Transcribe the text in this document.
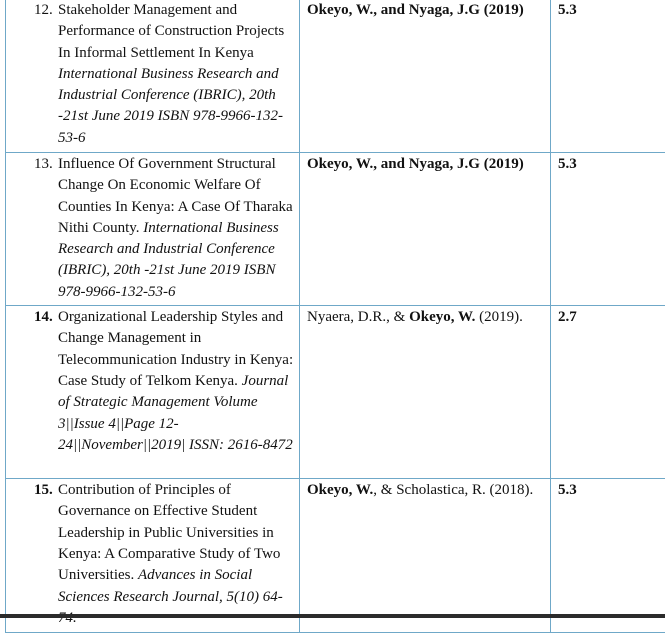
12. Stakeholder Management and Performance of Construction Projects In Informal Settlement In Kenya International Business Research and Industrial Conference (IBRIC), 20th -21st June 2019 ISBN 978-9966-132-53-6	Okeyo, W., and Nyaga, J.G (2019)	5.3

13. Influence Of Government Structural Change On Economic Welfare Of Counties In Kenya: A Case Of Tharaka Nithi County. International Business Research and Industrial Conference (IBRIC), 20th -21st June 2019 ISBN 978-9966-132-53-6	Okeyo, W., and Nyaga, J.G (2019)	5.3

14. Organizational Leadership Styles and Change Management in Telecommunication Industry in Kenya: Case Study of Telkom Kenya. Journal of Strategic Management Volume 3||Issue 4||Page 12- 24||November||2019| ISSN: 2616-8472	Nyaera, D.R., & Okeyo, W. (2019).	2.7

15. Contribution of Principles of Governance on Effective Student Leadership in Public Universities in Kenya: A Comparative Study of Two Universities. Advances in Social Sciences Research Journal, 5(10) 64-	Okeyo, W., & Scholastica, R. (2018).	5.3
